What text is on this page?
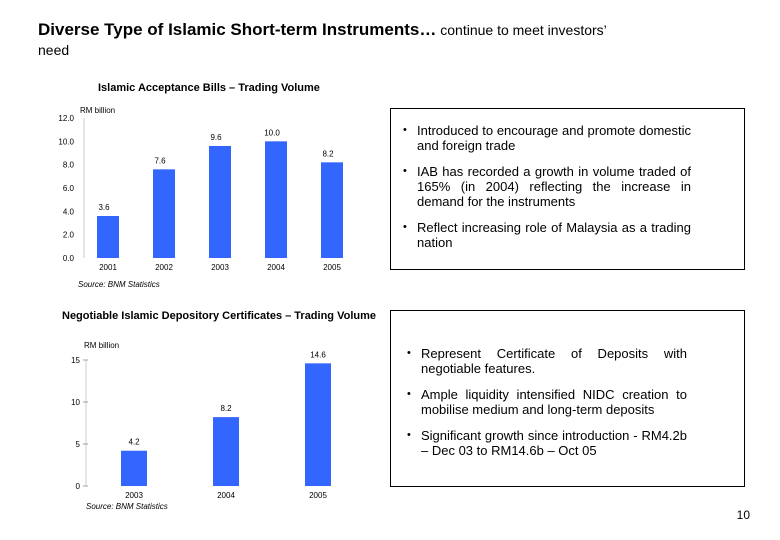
Diverse Type of Islamic Short-term Instruments… continue to meet investors’
need
Islamic Acceptance Bills – Trading Volume
RM billion
12.0
10.0
8.0
6.0
4.0
2.0
0.0
3.6
2001
7.6
2002
9.6
2003
10.0
2004
8.2
2005
Source: BNM Statistics
• Introduced to encourage and promote domestic and foreign trade
• IAB has recorded a growth in volume traded of 165% (in 2004) reflecting the increase in demand for the instruments
• Reflect increasing role of Malaysia as a trading nation
Negotiable Islamic Depository Certificates – Trading Volume
RM billion
15
10
5
0
4.2
2003
8.2
2004
14.6
2005
Source: BNM Statistics
• Represent Certificate of Deposits with negotiable features.
• Ample liquidity intensified NIDC creation to mobilise medium and long-term deposits
• Significant growth since introduction - RM4.2b – Dec 03 to RM14.6b – Oct 05
10
